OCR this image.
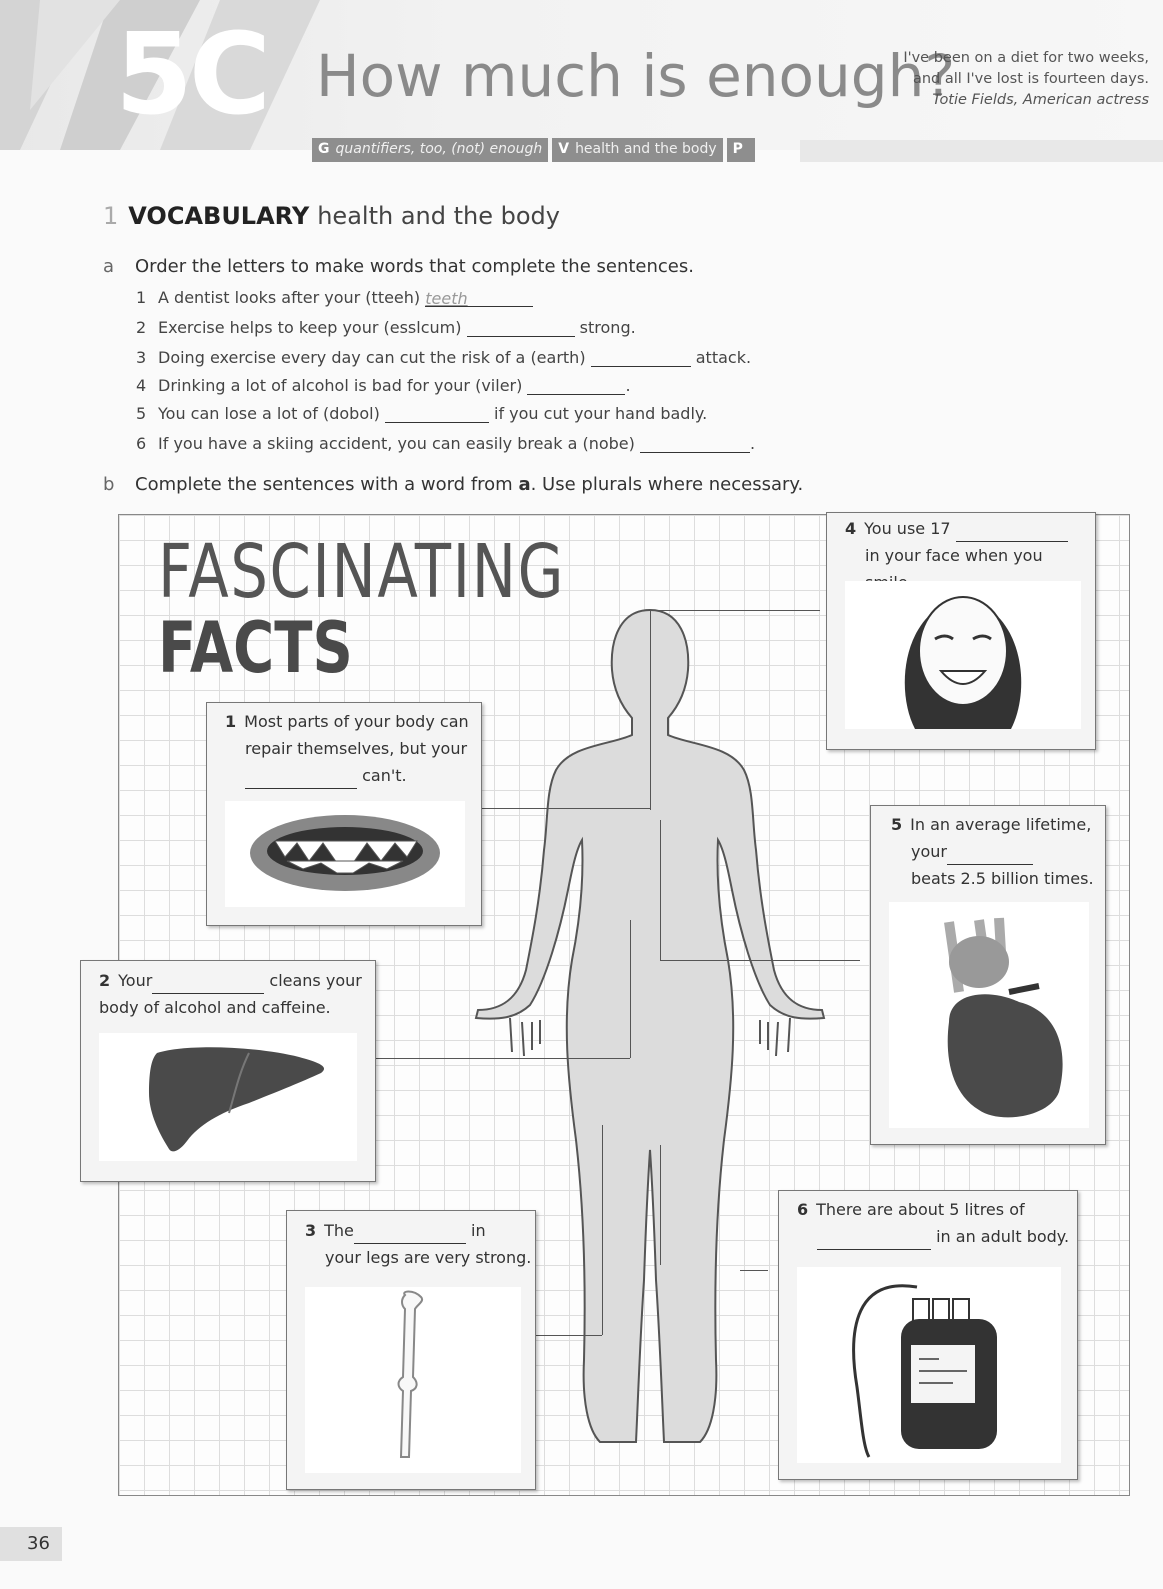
5C How much is enough?
I've been on a diet for two weeks,
and all I've lost is fourteen days.
Totie Fields, American actress
G quantifiers, too, (not) enough	V health and the body	P
1 VOCABULARY health and the body
a Order the letters to make words that complete the sentences.
1 A dentist looks after your (tteeh) teeth
2 Exercise helps to keep your (esslcum)	strong.
3 Doing exercise every day can cut the risk of a (earth)	attack.
4 Drinking a lot of alcohol is bad for your (viler)	.
5 You can lose a lot of (dobol)	if you cut your hand badly.
6 If you have a skiing accident, you can easily break a (nobe)	.
b Complete the sentences with a word from a. Use plurals where necessary.
FASCINATING
FACTS
1 Most parts of your body can
repair themselves, but your
can't.
2 Your	cleans your
body of alcohol and caffeine.
3 The	in
your legs are very strong.
4 You use 17
in your face when you
5 In an average lifetime,
your
beats 2.5 billion times.
6 There are about 5 litres of
in an adult body.
36
